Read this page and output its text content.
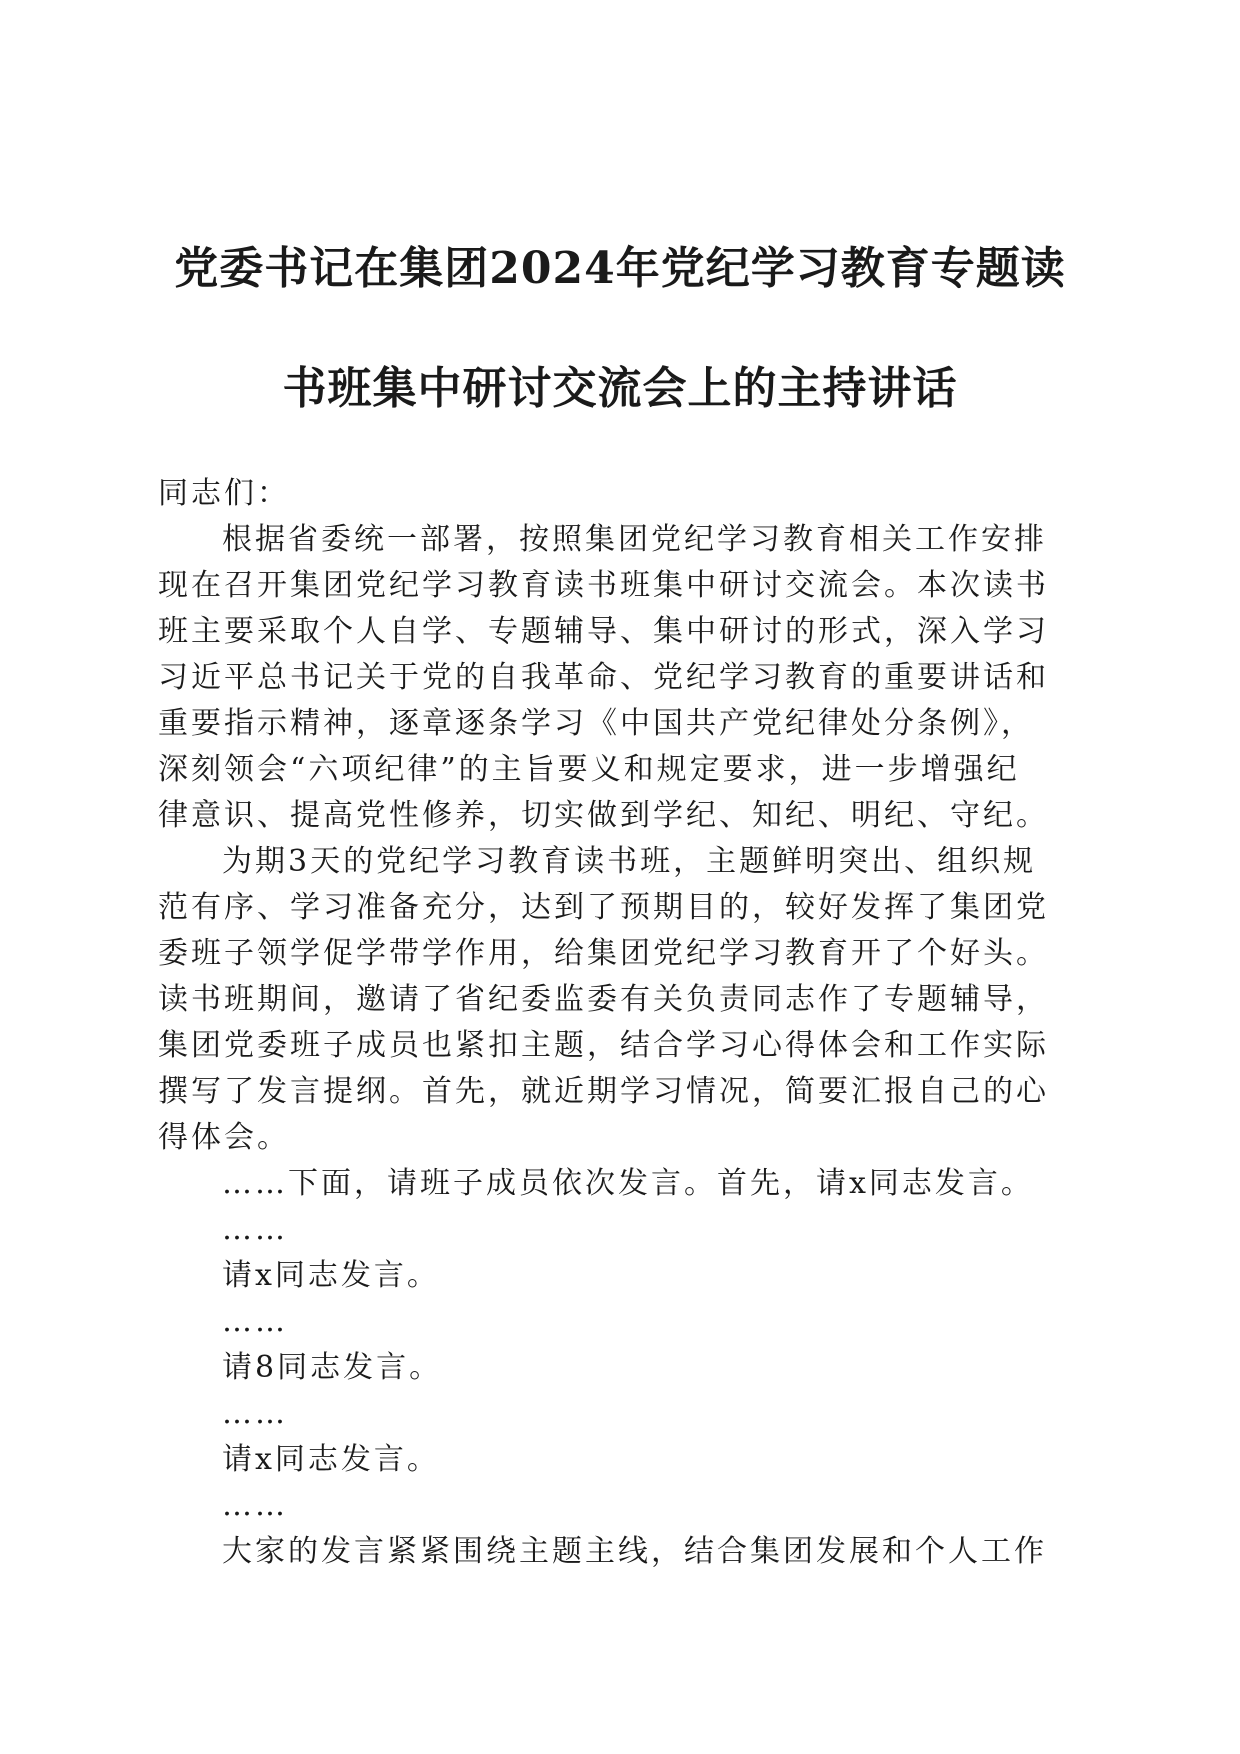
党委书记在集团2024年党纪学习教育专题读
书班集中研讨交流会上的主持讲话
同志们：
根据省委统一部署，按照集团党纪学习教育相关工作安排
现在召开集团党纪学习教育读书班集中研讨交流会。本次读书
班主要采取个人自学、专题辅导、集中研讨的形式，深入学习
习近平总书记关于党的自我革命、党纪学习教育的重要讲话和
重要指示精神，逐章逐条学习《中国共产党纪律处分条例》，
深刻领会“六项纪律”的主旨要义和规定要求，进一步增强纪
律意识、提高党性修养，切实做到学纪、知纪、明纪、守纪。
为期3天的党纪学习教育读书班，主题鲜明突出、组织规
范有序、学习准备充分，达到了预期目的，较好发挥了集团党
委班子领学促学带学作用，给集团党纪学习教育开了个好头。
读书班期间，邀请了省纪委监委有关负责同志作了专题辅导，
集团党委班子成员也紧扣主题，结合学习心得体会和工作实际
撰写了发言提纲。首先，就近期学习情况，简要汇报自己的心
得体会。
……下面，请班子成员依次发言。首先，请x同志发言。
……
请x同志发言。
……
请8同志发言。
……
请x同志发言。
……
大家的发言紧紧围绕主题主线，结合集团发展和个人工作
